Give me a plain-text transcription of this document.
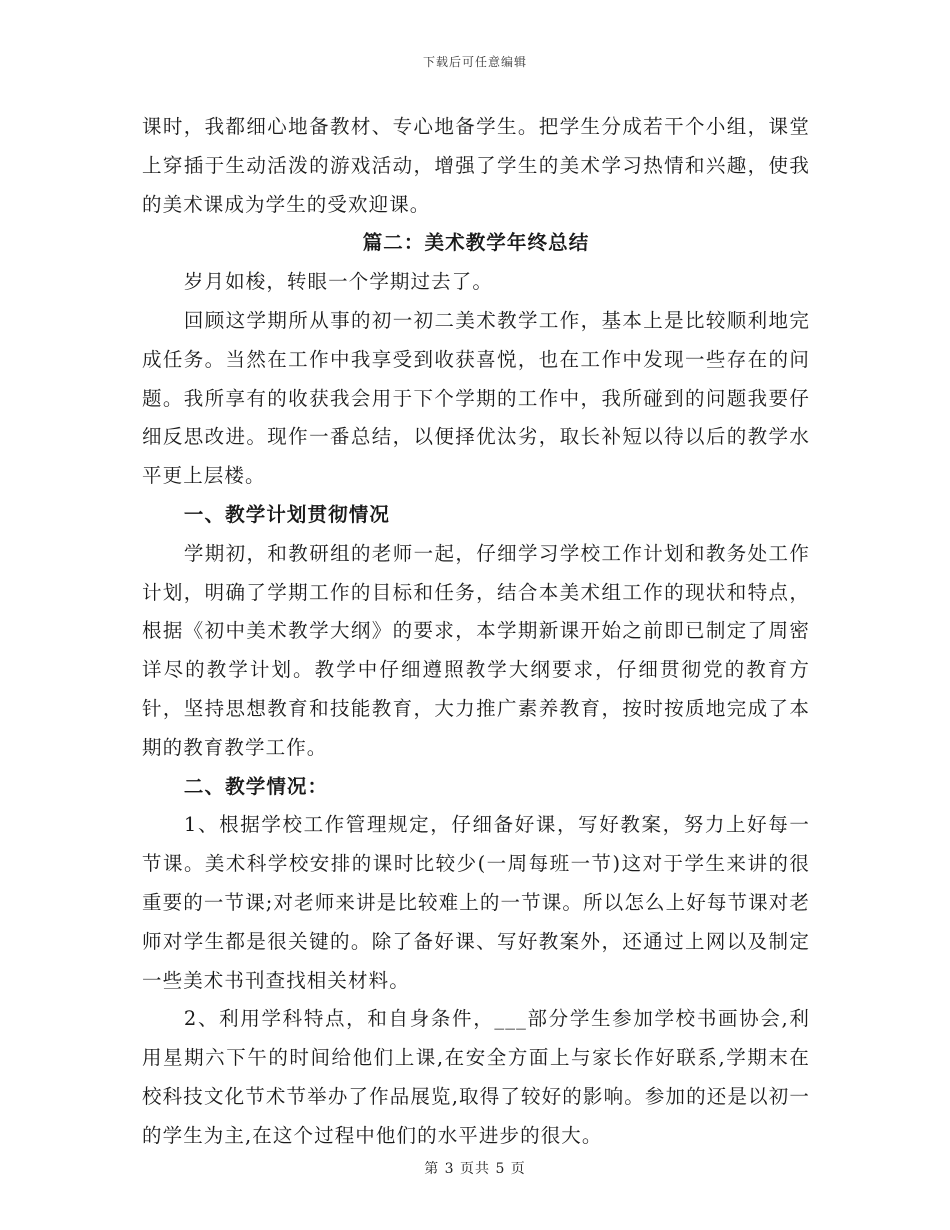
下载后可任意编辑

课时，我都细心地备教材、专心地备学生。把学生分成若干个小组，课堂上穿插于生动活泼的游戏活动，增强了学生的美术学习热情和兴趣，使我的美术课成为学生的受欢迎课。

篇二：美术教学年终总结

岁月如梭，转眼一个学期过去了。

回顾这学期所从事的初一初二美术教学工作，基本上是比较顺利地完成任务。当然在工作中我享受到收获喜悦，也在工作中发现一些存在的问题。我所享有的收获我会用于下个学期的工作中，我所碰到的问题我要仔细反思改进。现作一番总结，以便择优汰劣，取长补短以待以后的教学水平更上层楼。

一、教学计划贯彻情况

学期初，和教研组的老师一起，仔细学习学校工作计划和教务处工作计划，明确了学期工作的目标和任务，结合本美术组工作的现状和特点，根据《初中美术教学大纲》的要求，本学期新课开始之前即已制定了周密详尽的教学计划。教学中仔细遵照教学大纲要求，仔细贯彻党的教育方针，坚持思想教育和技能教育，大力推广素养教育，按时按质地完成了本期的教育教学工作。

二、教学情况：

1、根据学校工作管理规定，仔细备好课，写好教案，努力上好每一节课。美术科学校安排的课时比较少(一周每班一节)这对于学生来讲的很重要的一节课;对老师来讲是比较难上的一节课。所以怎么上好每节课对老师对学生都是很关键的。除了备好课、写好教案外，还通过上网以及制定一些美术书刊查找相关材料。

2、利用学科特点，和自身条件，___部分学生参加学校书画协会,利用星期六下午的时间给他们上课,在安全方面上与家长作好联系,学期末在校科技文化节术节举办了作品展览,取得了较好的影响。参加的还是以初一的学生为主,在这个过程中他们的水平进步的很大。

第 3 页共 5 页
